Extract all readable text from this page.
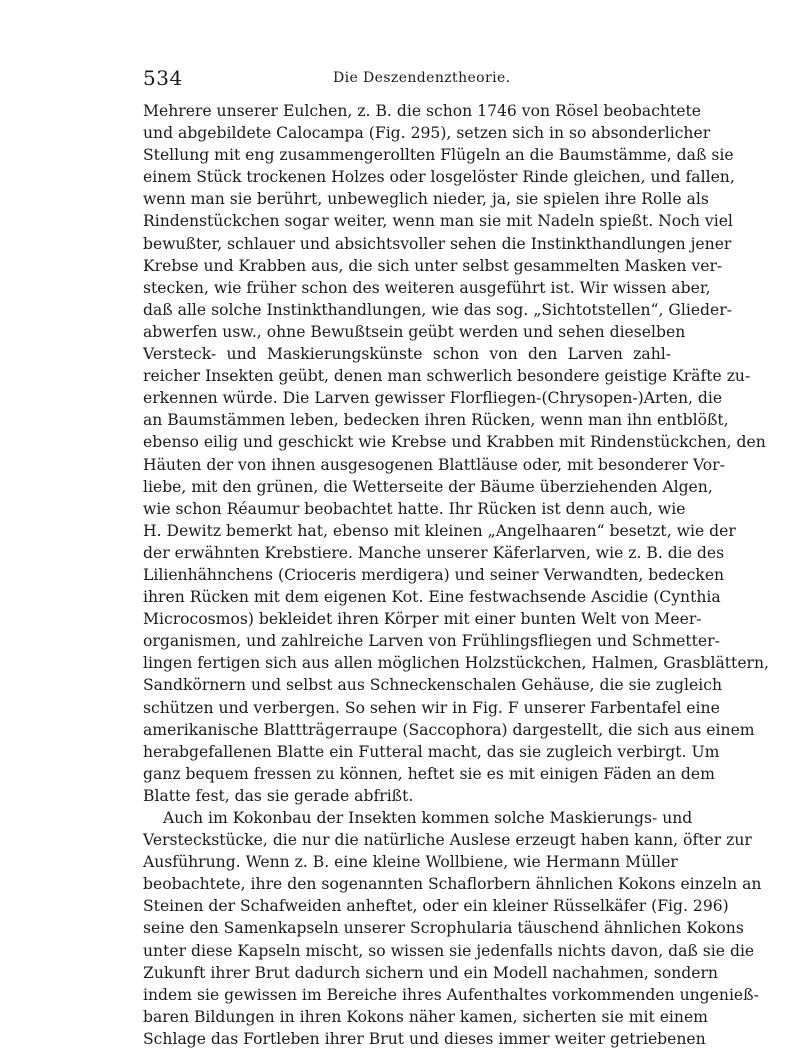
534	Die Deszendenztheorie.
Mehrere unserer Eulchen, z. B. die schon 1746 von Rösel beobachtete
und abgebildete Calocampa (Fig. 295), setzen sich in so absonderlicher
Stellung mit eng zusammengerollten Flügeln an die Baumstämme, daß sie
einem Stück trockenen Holzes oder losgelöster Rinde gleichen, und fallen,
wenn man sie berührt, unbeweglich nieder, ja, sie spielen ihre Rolle als
Rindenstückchen sogar weiter, wenn man sie mit Nadeln spießt. Noch viel
bewußter, schlauer und absichtsvoller sehen die Instinkthandlungen jener
Krebse und Krabben aus, die sich unter selbst gesammelten Masken ver-
stecken, wie früher schon des weiteren ausgeführt ist. Wir wissen aber,
daß alle solche Instinkthandlungen, wie das sog. „Sichtotstellen“, Glieder-
abwerfen usw., ohne Bewußtsein geübt werden und sehen dieselben
Versteck- und Maskierungskünste schon von den Larven zahl-
reicher Insekten geübt, denen man schwerlich besondere geistige Kräfte zu-
erkennen würde. Die Larven gewisser Florfliegen-(Chrysopen-)Arten, die
an Baumstämmen leben, bedecken ihren Rücken, wenn man ihn entblößt,
ebenso eilig und geschickt wie Krebse und Krabben mit Rindenstückchen, den
Häuten der von ihnen ausgesogenen Blattläuse oder, mit besonderer Vor-
liebe, mit den grünen, die Wetterseite der Bäume überziehenden Algen,
wie schon Réaumur beobachtet hatte. Ihr Rücken ist denn auch, wie
H. Dewitz bemerkt hat, ebenso mit kleinen „Angelhaaren“ besetzt, wie der
der erwähnten Krebstiere. Manche unserer Käferlarven, wie z. B. die des
Lilienhähnchens (Crioceris merdigera) und seiner Verwandten, bedecken
ihren Rücken mit dem eigenen Kot. Eine festwachsende Ascidie (Cynthia
Microcosmos) bekleidet ihren Körper mit einer bunten Welt von Meer-
organismen, und zahlreiche Larven von Frühlingsfliegen und Schmetter-
lingen fertigen sich aus allen möglichen Holzstückchen, Halmen, Grasblättern,
Sandkörnern und selbst aus Schneckenschalen Gehäuse, die sie zugleich
schützen und verbergen. So sehen wir in Fig. F unserer Farbentafel eine
amerikanische Blattträgerraupe (Saccophora) dargestellt, die sich aus einem
herabgefallenen Blatte ein Futteral macht, das sie zugleich verbirgt. Um
ganz bequem fressen zu können, heftet sie es mit einigen Fäden an dem
Blatte fest, das sie gerade abfrißt.
Auch im Kokonbau der Insekten kommen solche Maskierungs- und
Versteckstücke, die nur die natürliche Auslese erzeugt haben kann, öfter zur
Ausführung. Wenn z. B. eine kleine Wollbiene, wie Hermann Müller
beobachtete, ihre den sogenannten Schaflorbern ähnlichen Kokons einzeln an
Steinen der Schafweiden anheftet, oder ein kleiner Rüsselkäfer (Fig. 296)
seine den Samenkapseln unserer Scrophularia täuschend ähnlichen Kokons
unter diese Kapseln mischt, so wissen sie jedenfalls nichts davon, daß sie die
Zukunft ihrer Brut dadurch sichern und ein Modell nachahmen, sondern
indem sie gewissen im Bereiche ihres Aufenthaltes vorkommenden ungenieß-
baren Bildungen in ihren Kokons näher kamen, sicherten sie mit einem
Schlage das Fortleben ihrer Brut und dieses immer weiter getriebenen
